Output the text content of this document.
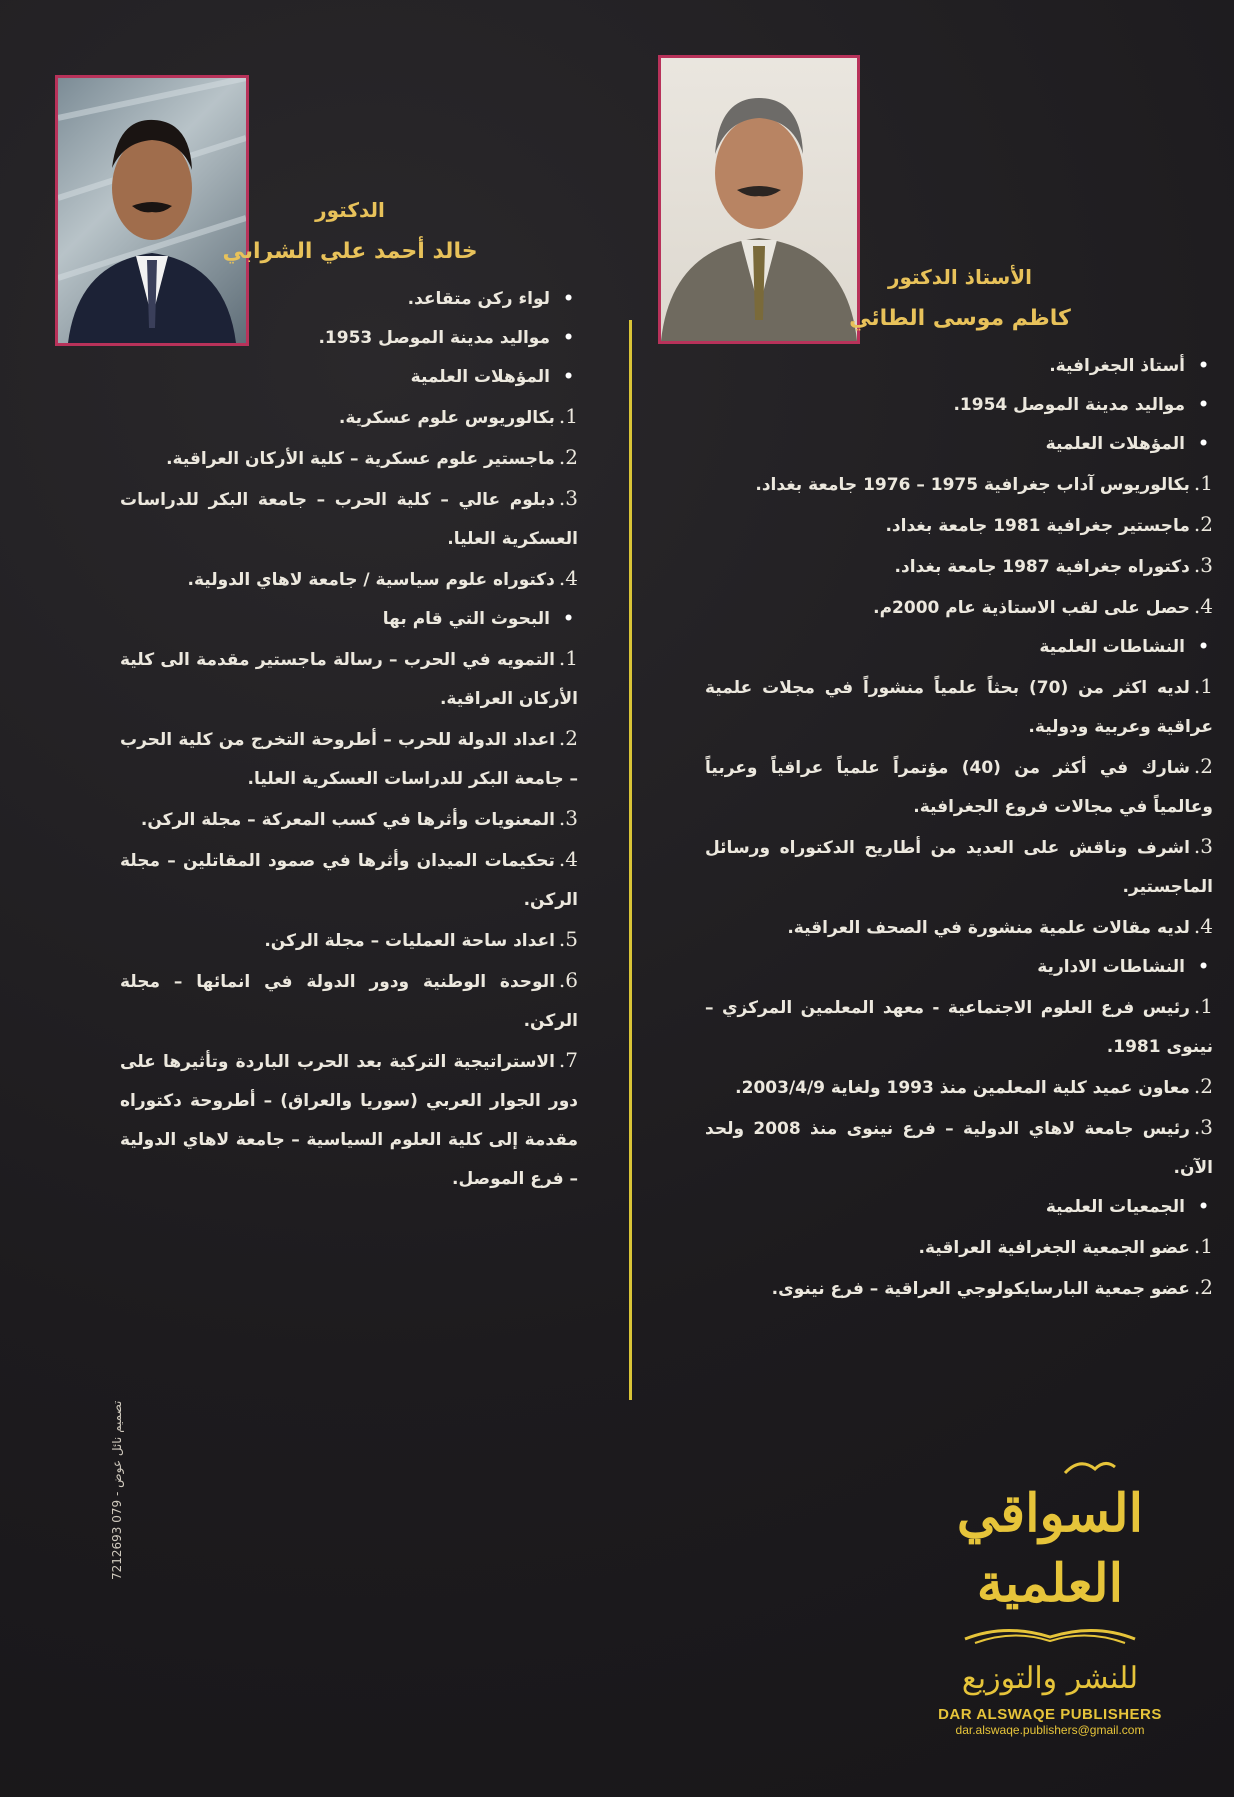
الأستاذ الدكتور
كاظم موسى الطائي
• أستاذ الجغرافية.
• مواليد مدينة الموصل 1954.
• المؤهلات العلمية
1.بكالوريوس آداب جغرافية 1975 – 1976 جامعة بغداد.
2.ماجستير جغرافية 1981 جامعة بغداد.
3.دكتوراه جغرافية 1987 جامعة بغداد.
4.حصل على لقب الاستاذية عام 2000م.
• النشاطات العلمية
1.لديه اكثر من (70) بحثاً علمياً منشوراً في مجلات علمية عراقية وعربية ودولية.
2.شارك في أكثر من (40) مؤتمراً علمياً عراقياً وعربياً وعالمياً في مجالات فروع الجغرافية.
3.اشرف وناقش على العديد من أطاريح الدكتوراه ورسائل الماجستير.
4.لديه مقالات علمية منشورة في الصحف العراقية.
• النشاطات الادارية
1.رئيس فرع العلوم الاجتماعية - معهد المعلمين المركزي – نينوى 1981.
2.معاون عميد كلية المعلمين منذ 1993 ولغاية 2003/4/9.
3.رئيس جامعة لاهاي الدولية – فرع نينوى منذ 2008 ولحد الآن.
• الجمعيات العلمية
1.عضو الجمعية الجغرافية العراقية.
2.عضو جمعية البارسايكولوجي العراقية – فرع نينوى.
الدكتور
خالد أحمد علي الشرابي
• لواء ركن متقاعد.
• مواليد مدينة الموصل 1953.
• المؤهلات العلمية
1.بكالوريوس علوم عسكرية.
2.ماجستير علوم عسكرية – كلية الأركان العراقية.
3.دبلوم عالي – كلية الحرب – جامعة البكر للدراسات العسكرية العليا.
4.دكتوراه علوم سياسية / جامعة لاهاي الدولية.
• البحوث التي قام بها
1.التمويه في الحرب – رسالة ماجستير مقدمة الى كلية الأركان العراقية.
2.اعداد الدولة للحرب – أطروحة التخرج من كلية الحرب – جامعة البكر للدراسات العسكرية العليا.
3.المعنويات وأثرها في كسب المعركة – مجلة الركن.
4.تحكيمات الميدان وأثرها في صمود المقاتلين – مجلة الركن.
5.اعداد ساحة العمليات – مجلة الركن.
6.الوحدة الوطنية ودور الدولة في انمائها – مجلة الركن.
7.الاستراتيجية التركية بعد الحرب الباردة وتأثيرها على دور الجوار العربي (سوريا والعراق) – أطروحة دكتوراه مقدمة إلى كلية العلوم السياسية – جامعة لاهاي الدولية – فرع الموصل.
تصميم نائل عوض - 079 7212693
السواقي العلمية
للنشر والتوزيع
DAR ALSWAQE PUBLISHERS
dar.alswaqe.publishers@gmail.com
